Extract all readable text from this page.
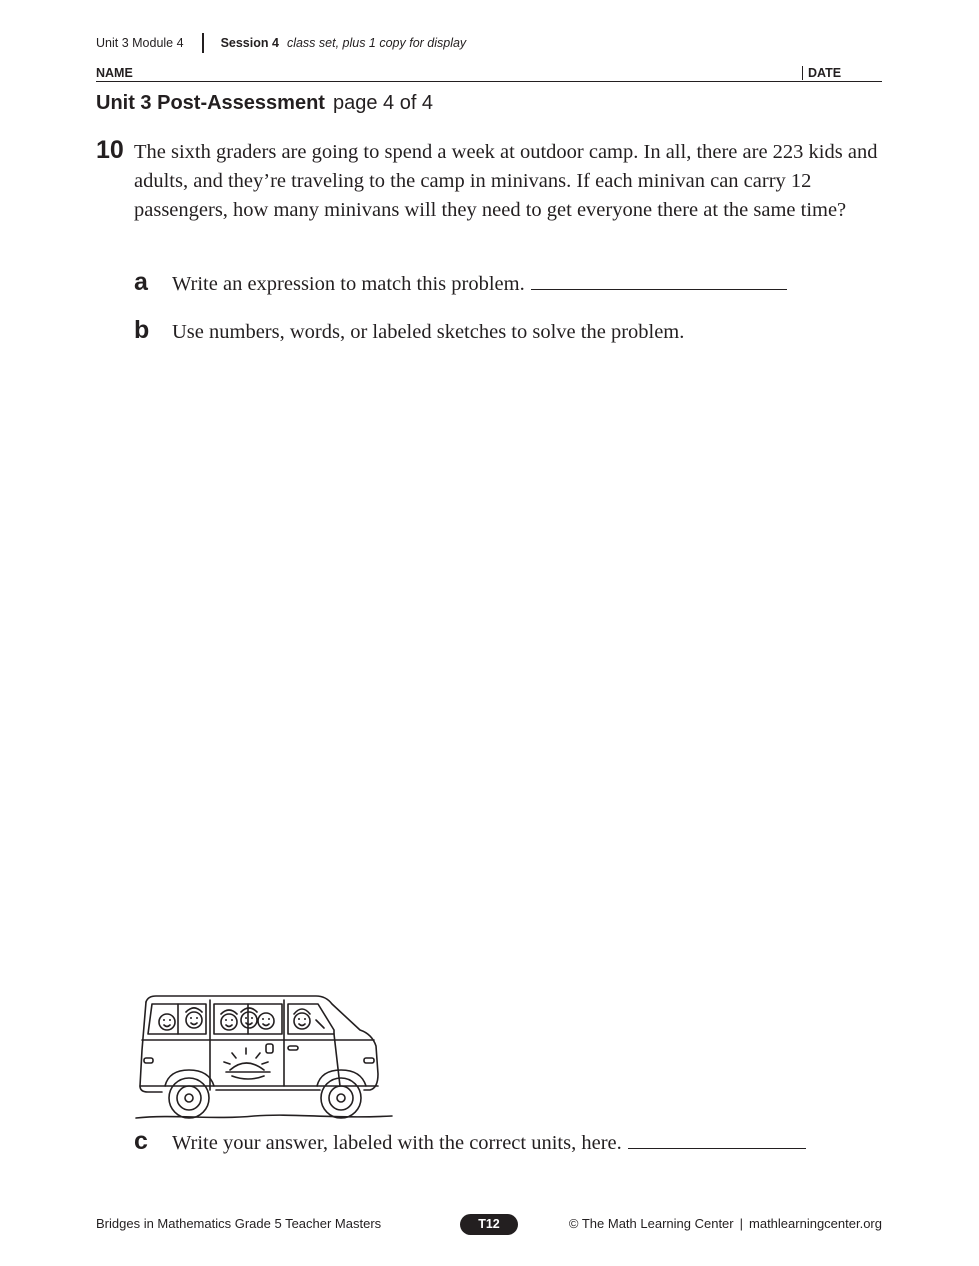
Unit 3 Module 4	Session 4 class set, plus 1 copy for display
NAME	DATE
Unit 3 Post-Assessment page 4 of 4
10 The sixth graders are going to spend a week at outdoor camp. In all, there are 223 kids and adults, and they’re traveling to the camp in minivans. If each minivan can carry 12 passengers, how many minivans will they need to get everyone there at the same time?
a Write an expression to match this problem.
b Use numbers, words, or labeled sketches to solve the problem.
c Write your answer, labeled with the correct units, here.
Bridges in Mathematics Grade 5 Teacher Masters	T12	© The Math Learning Center | mathlearningcenter.org
